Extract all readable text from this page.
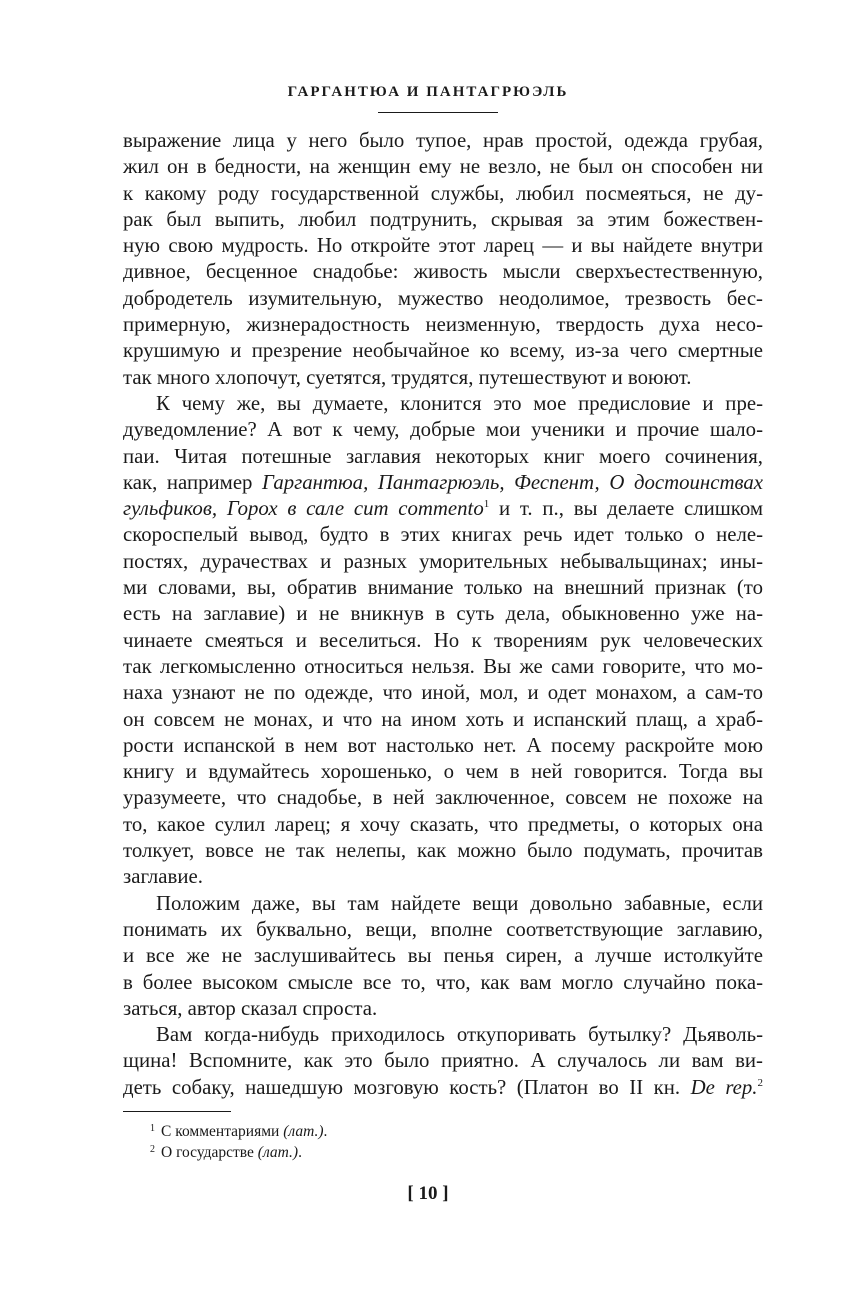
ГАРГАНТЮА И ПАНТАГРЮЭЛЬ
выражение лица у него было тупое, нрав простой, одежда грубая,
жил он в бедности, на женщин ему не везло, не был он способен ни
к какому роду государственной службы, любил посмеяться, не ду-
рак был выпить, любил подтрунить, скрывая за этим божествен-
ную свою мудрость. Но откройте этот ларец — и вы найдете внутри
дивное, бесценное снадобье: живость мысли сверхъестественную,
добродетель изумительную, мужество неодолимое, трезвость бес-
примерную, жизнерадостность неизменную, твердость духа несо-
крушимую и презрение необычайное ко всему, из-за чего смертные
так много хлопочут, суетятся, трудятся, путешествуют и воюют.
К чему же, вы думаете, клонится это мое предисловие и пре-
дуведомление? А вот к чему, добрые мои ученики и прочие шало-
паи. Читая потешные заглавия некоторых книг моего сочинения,
как, например Гаргантюа, Пантагрюэль, Феспент, О достоинствах
гульфиков, Горох в сале cum commento$^1$ и т. п., вы делаете слишком
скороспелый вывод, будто в этих книгах речь идет только о неле-
постях, дурачествах и разных уморительных небывальщинах; ины-
ми словами, вы, обратив внимание только на внешний признак (то
есть на заглавие) и не вникнув в суть дела, обыкновенно уже на-
чинаете смеяться и веселиться. Но к творениям рук человеческих
так легкомысленно относиться нельзя. Вы же сами говорите, что мо-
наха узнают не по одежде, что иной, мол, и одет монахом, а сам-то
он совсем не монах, и что на ином хоть и испанский плащ, а храб-
рости испанской в нем вот настолько нет. А посему раскройте мою
книгу и вдумайтесь хорошенько, о чем в ней говорится. Тогда вы
уразумеете, что снадобье, в ней заключенное, совсем не похоже на
то, какое сулил ларец; я хочу сказать, что предметы, о которых она
толкует, вовсе не так нелепы, как можно было подумать, прочитав
заглавие.
Положим даже, вы там найдете вещи довольно забавные, если
понимать их буквально, вещи, вполне соответствующие заглавию,
и все же не заслушивайтесь вы пенья сирен, а лучше истолкуйте
в более высоком смысле все то, что, как вам могло случайно пока-
заться, автор сказал спроста.
Вам когда-нибудь приходилось откупоривать бутылку? Дьяволь-
щина! Вспомните, как это было приятно. А случалось ли вам ви-
деть собаку, нашедшую мозговую кость? (Платон во II кн. De rep.$^2$
$^1$ С комментариями (лат.).
$^2$ О государстве (лат.).
[ 10 ]
